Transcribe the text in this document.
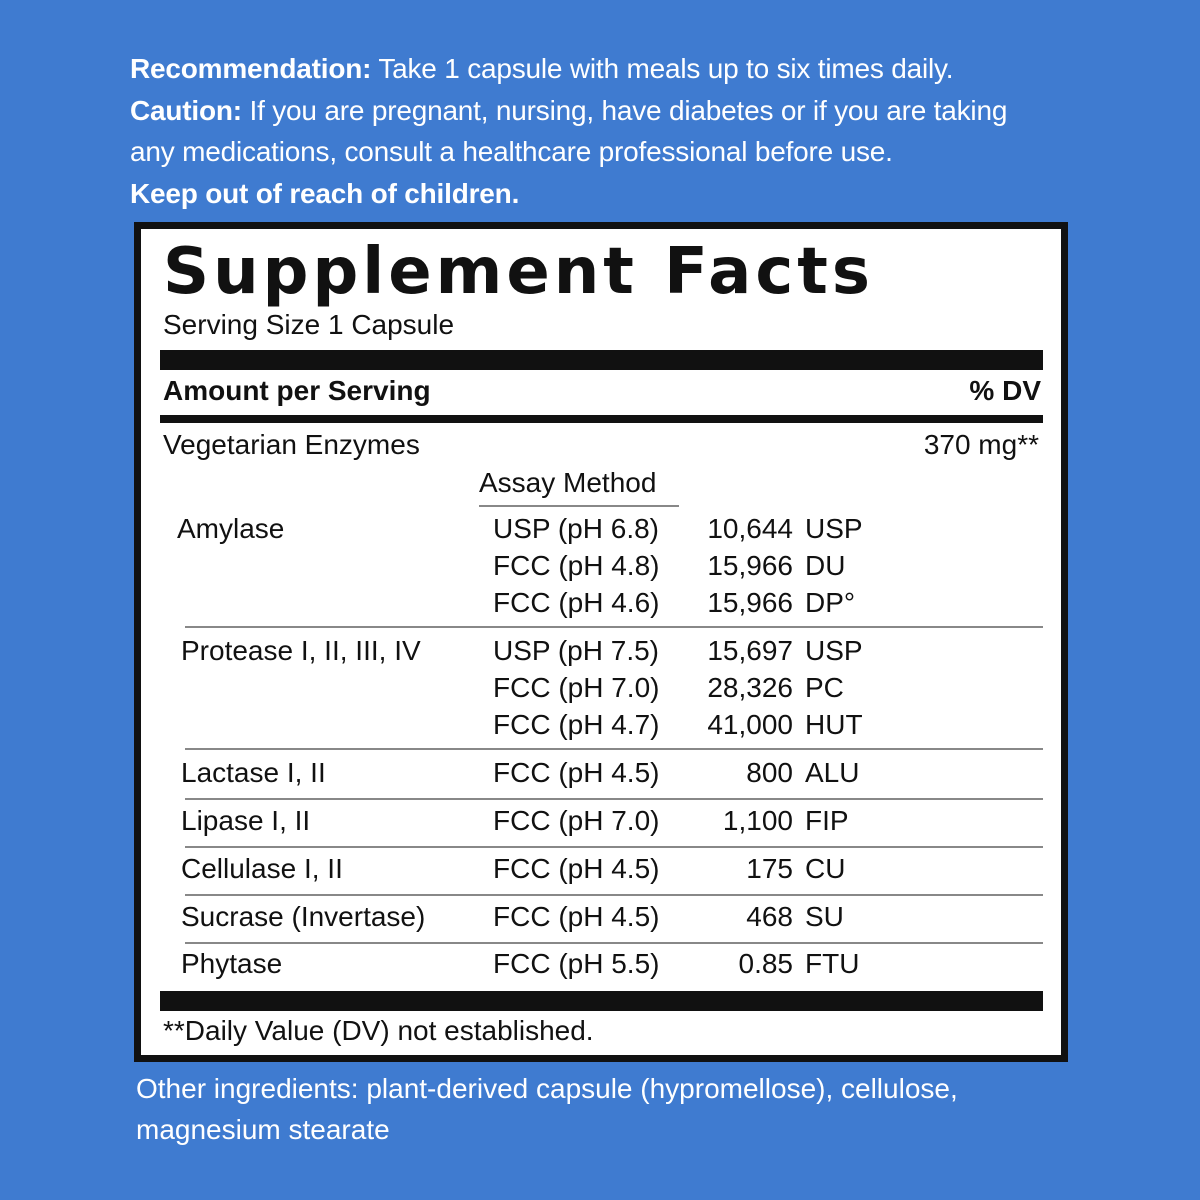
Recommendation: Take 1 capsule with meals up to six times daily.
Caution: If you are pregnant, nursing, have diabetes or if you are taking
any medications, consult a healthcare professional before use.
Keep out of reach of children.
Supplement Facts
Serving Size 1 Capsule
Amount per Serving	% DV
Vegetarian Enzymes	370 mg**
Assay Method
Amylase	USP (pH 6.8)	10,644 USP
FCC (pH 4.8)	15,966 DU
FCC (pH 4.6)	15,966 DP°
Protease I, II, III, IV	USP (pH 7.5)	15,697 USP
FCC (pH 7.0)	28,326 PC
FCC (pH 4.7)	41,000 HUT
Lactase I, II	FCC (pH 4.5)	800 ALU
Lipase I, II	FCC (pH 7.0)	1,100 FIP
Cellulase I, II	FCC (pH 4.5)	175 CU
Sucrase (Invertase) FCC (pH 4.5)	468 SU
Phytase	FCC (pH 5.5)	0.85 FTU
**Daily Value (DV) not established.
Other ingredients: plant-derived capsule (hypromellose), cellulose,
magnesium stearate
